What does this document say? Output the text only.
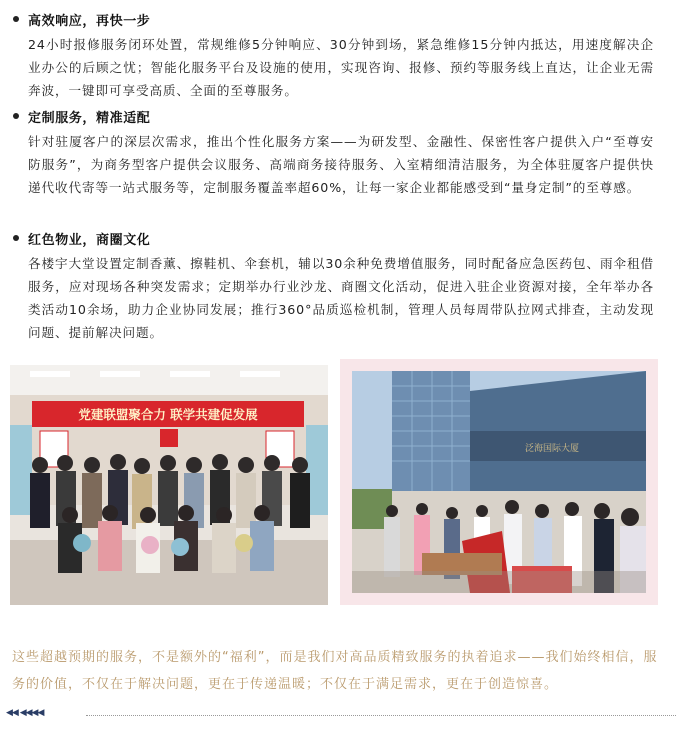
高效响应，再快一步
24小时报修服务闭环处置，常规维修5分钟响应、30分钟到场，紧急维修15分钟内抵达，用速度解决企业办公的后顾之忧；智能化服务平台及设施的使用，实现咨询、报修、预约等服务线上直达，让企业无需奔波，一键即可享受高质、全面的至尊服务。
定制服务，精准适配
针对驻厦客户的深层次需求，推出个性化服务方案——为研发型、金融性、保密性客户提供入户“至尊安防服务”，为商务型客户提供会议服务、高端商务接待服务、入室精细清洁服务，为全体驻厦客户提供快递代收代寄等一站式服务等，定制服务覆盖率超60%，让每一家企业都能感受到“量身定制”的至尊感。
红色物业，商圈文化
各楼宇大堂设置定制香薰、擦鞋机、伞套机，辅以30余种免费增值服务，同时配备应急医药包、雨伞租借服务，应对现场各种突发需求；定期举办行业沙龙、商圈文化活动，促进入驻企业资源对接，全年举办各类活动10余场，助力企业协同发展；推行360°品质巡检机制，管理人员每周带队拉网式排查，主动发现问题、提前解决问题。
党建联盟聚合力 联学共建促发展
泛海国际大厦
这些超越预期的服务，不是额外的“福利”，而是我们对高品质精致服务的执着追求——我们始终相信，服务的价值，不仅在于解决问题，更在于传递温暖；不仅在于满足需求，更在于创造惊喜。
◀◀ ◀◀◀◀
